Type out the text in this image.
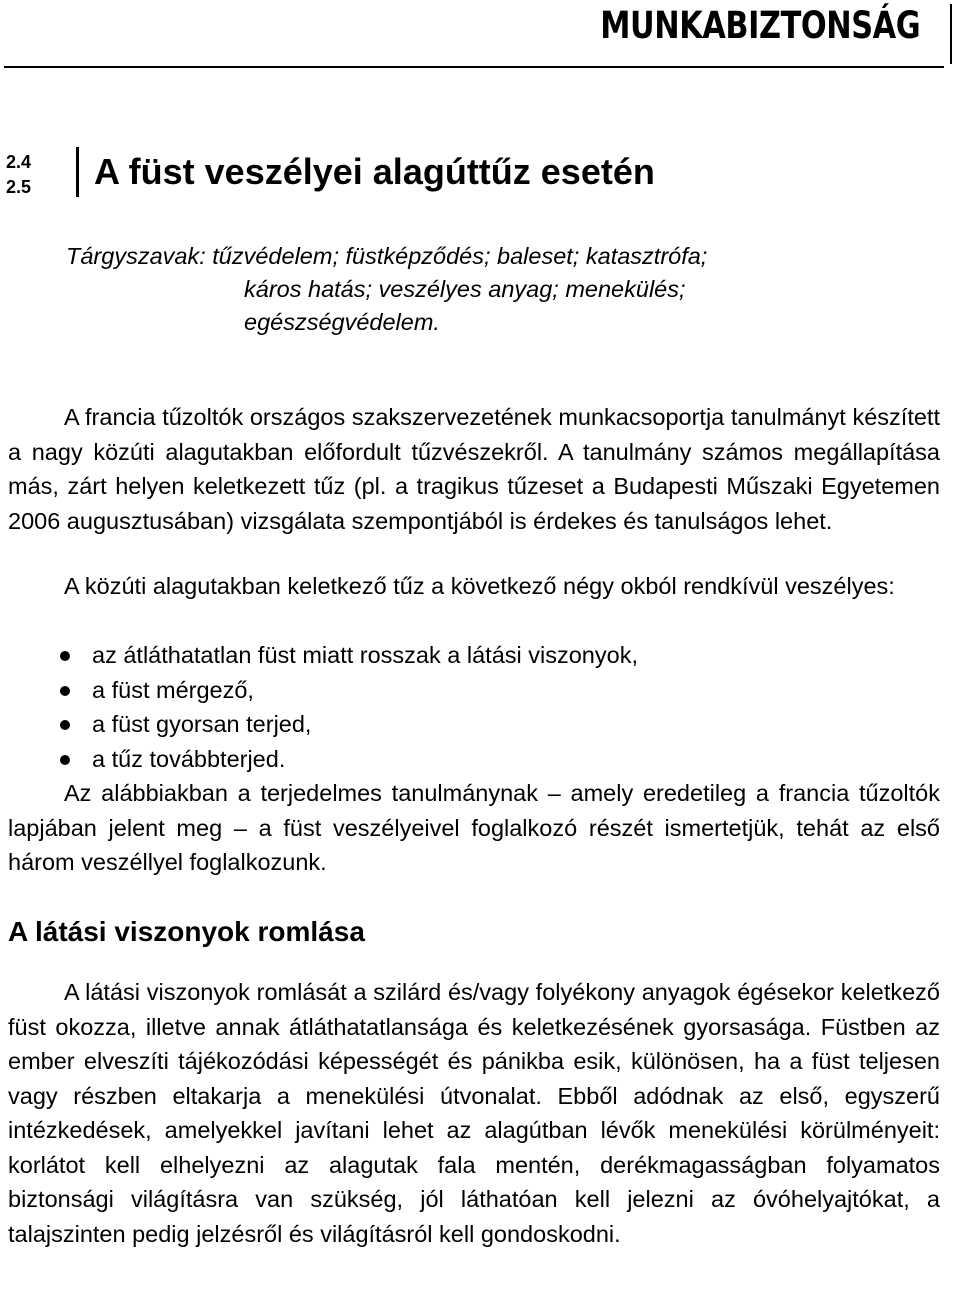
MUNKABIZTONSÁG
2.4
2.5 A füst veszélyei alagúttűz esetén
Tárgyszavak: tűzvédelem; füstképződés; baleset; katasztrófa;
káros hatás; veszélyes anyag; menekülés;
egészségvédelem.

A francia tűzoltók országos szakszervezetének munkacsoportja tanulmányt készített a nagy közúti alagutakban előfordult tűzvészekről. A tanulmány számos megállapítása más, zárt helyen keletkezett tűz (pl. a tragikus tűzeset a Budapesti Műszaki Egyetemen 2006 augusztusában) vizsgálata szempontjából is érdekes és tanulságos lehet.

A közúti alagutakban keletkező tűz a következő négy okból rendkívül veszélyes:

az átláthatatlan füst miatt rosszak a látási viszonyok,
a füst mérgező,
a füst gyorsan terjed,
a tűz továbbterjed.

Az alábbiakban a terjedelmes tanulmánynak – amely eredetileg a francia tűzoltók lapjában jelent meg – a füst veszélyeivel foglalkozó részét ismertetjük, tehát az első három veszéllyel foglalkozunk.

A látási viszonyok romlása

A látási viszonyok romlását a szilárd és/vagy folyékony anyagok égésekor keletkező füst okozza, illetve annak átláthatatlansága és keletkezésének gyorsasága. Füstben az ember elveszíti tájékozódási képességét és pánikba esik, különösen, ha a füst teljesen vagy részben eltakarja a menekülési útvonalat. Ebből adódnak az első, egyszerű intézkedések, amelyekkel javítani lehet az alagútban lévők menekülési körülményeit: korlátot kell elhelyezni az alagutak fala mentén, derékmagasságban folyamatos biztonsági világításra van szükség, jól láthatóan kell jelezni az óvóhelyajtókat, a talajszinten pedig jelzésről és világításról kell gondoskodni.
